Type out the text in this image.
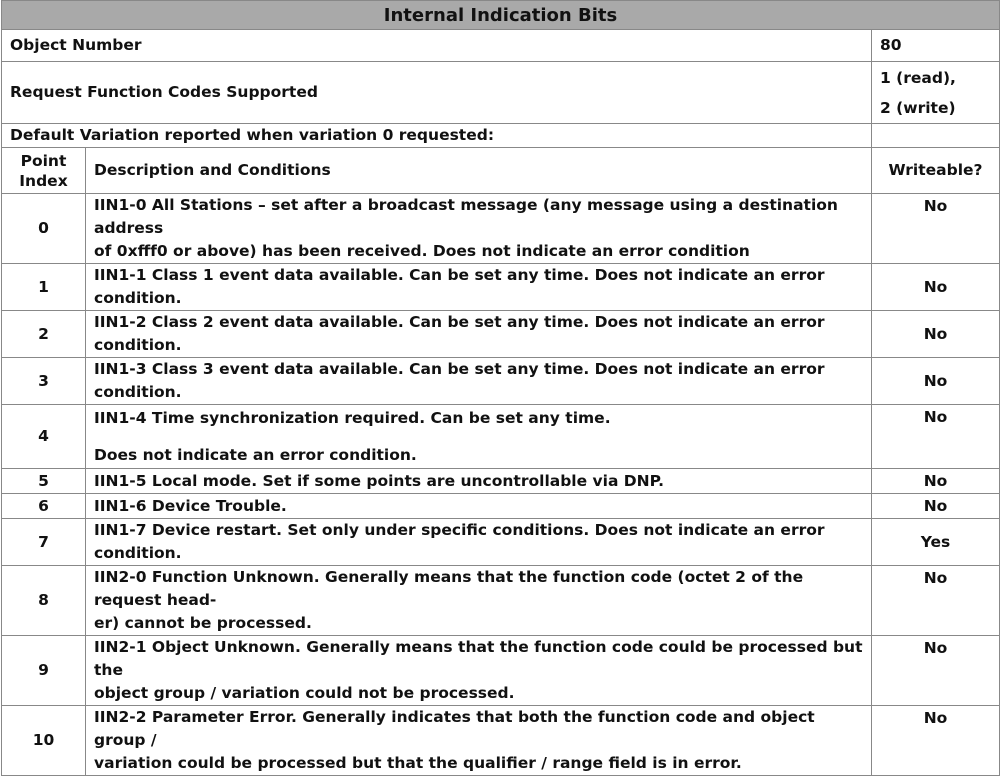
Internal Indication Bits		
Object Number		80
Request Function Codes Supported		1 (read),
2 (write)
Default Variation reported when variation 0 requested:		
Point
Index	Description and Conditions	Writeable?
0	IIN1-0 All Stations – set after a broadcast message (any message using a destination address
of 0xfff0 or above) has been received. Does not indicate an error condition	No
1	IIN1-1 Class 1 event data available. Can be set any time. Does not indicate an error condition.	No
2	IIN1-2 Class 2 event data available. Can be set any time. Does not indicate an error condition.	No
3	IIN1-3 Class 3 event data available. Can be set any time. Does not indicate an error condition.	No
4	IIN1-4 Time synchronization required. Can be set any time.
Does not indicate an error condition.	No
5	IIN1-5 Local mode. Set if some points are uncontrollable via DNP.	No
6	IIN1-6 Device Trouble.	No
7	IIN1-7 Device restart. Set only under specific conditions. Does not indicate an error condition.	Yes
8	IIN2-0 Function Unknown. Generally means that the function code (octet 2 of the request head-
er) cannot be processed.	No
9	IIN2-1 Object Unknown. Generally means that the function code could be processed but the
object group / variation could not be processed.	No
10	IIN2-2 Parameter Error. Generally indicates that both the function code and object group /
variation could be processed but that the qualifier / range field is in error.	No
